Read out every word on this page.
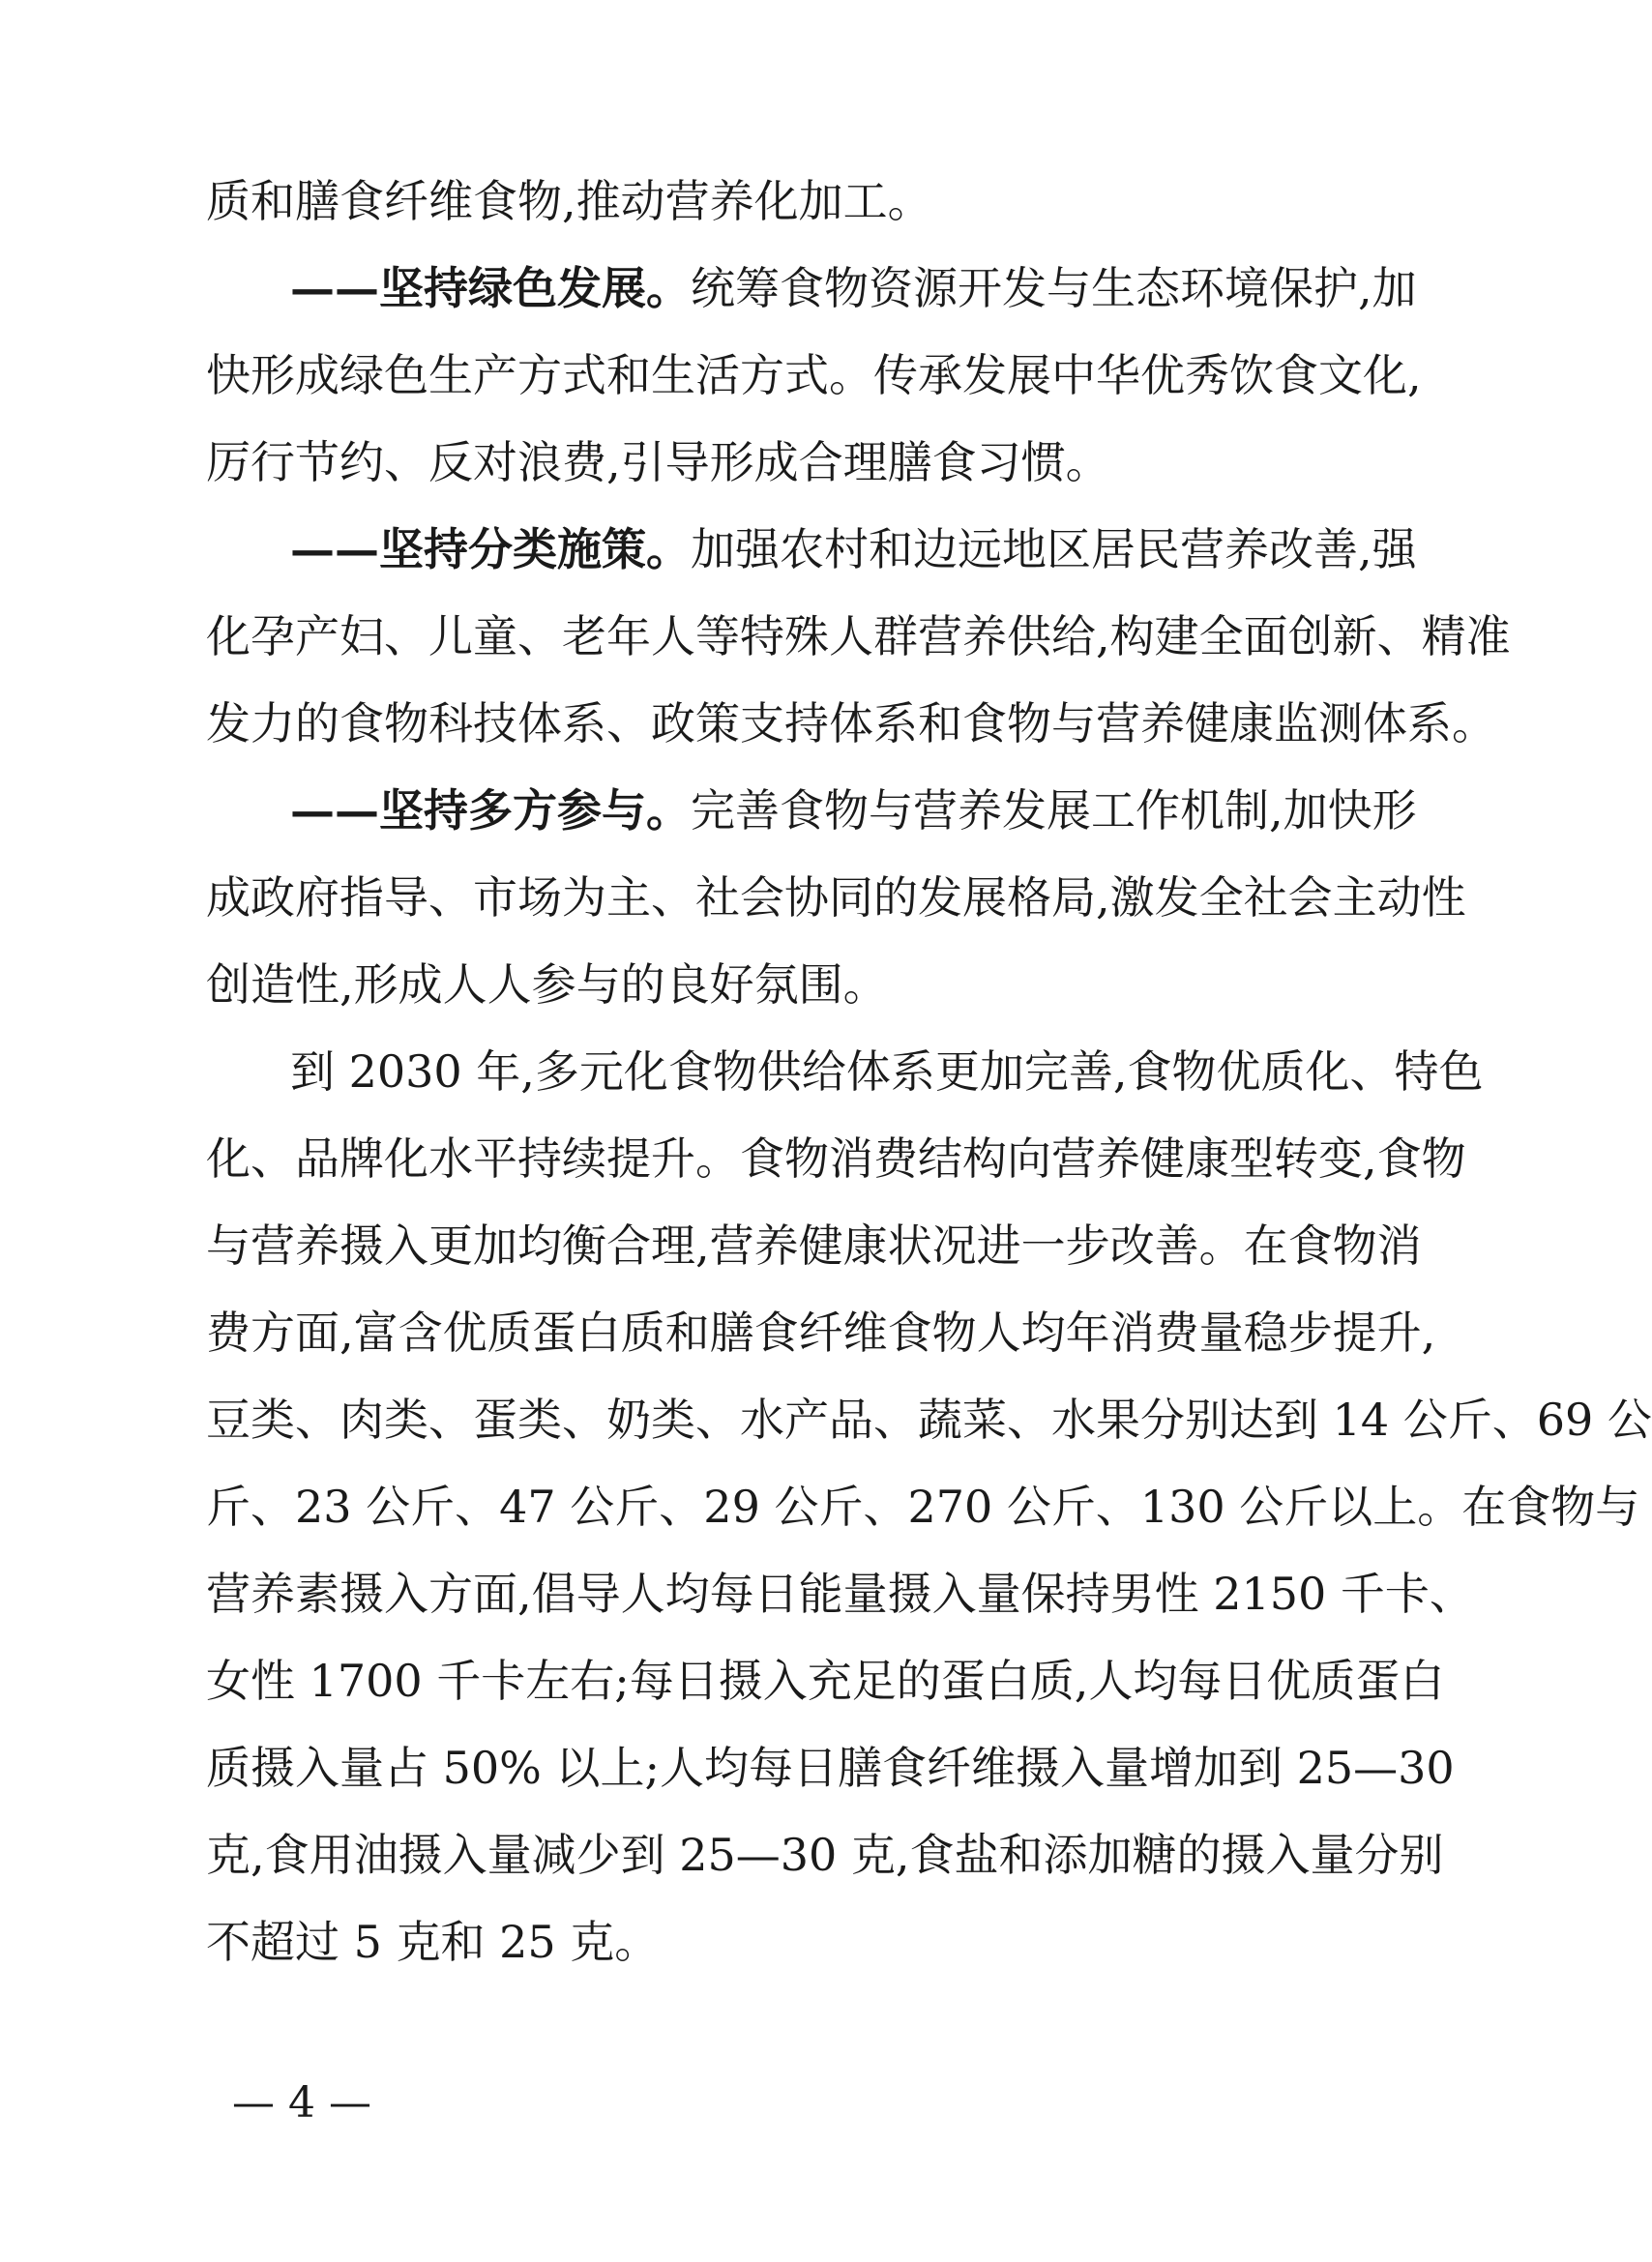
质和膳食纤维食物,推动营养化加工。
——坚持绿色发展。统筹食物资源开发与生态环境保护,加
快形成绿色生产方式和生活方式。传承发展中华优秀饮食文化,
厉行节约、反对浪费,引导形成合理膳食习惯。
——坚持分类施策。加强农村和边远地区居民营养改善,强
化孕产妇、儿童、老年人等特殊人群营养供给,构建全面创新、精准
发力的食物科技体系、政策支持体系和食物与营养健康监测体系。
——坚持多方参与。完善食物与营养发展工作机制,加快形
成政府指导、市场为主、社会协同的发展格局,激发全社会主动性
创造性,形成人人参与的良好氛围。
到 2030 年,多元化食物供给体系更加完善,食物优质化、特色
化、品牌化水平持续提升。食物消费结构向营养健康型转变,食物
与营养摄入更加均衡合理,营养健康状况进一步改善。在食物消
费方面,富含优质蛋白质和膳食纤维食物人均年消费量稳步提升,
豆类、肉类、蛋类、奶类、水产品、蔬菜、水果分别达到 14 公斤、69 公
斤、23 公斤、47 公斤、29 公斤、270 公斤、130 公斤以上。在食物与
营养素摄入方面,倡导人均每日能量摄入量保持男性 2150 千卡、
女性 1700 千卡左右;每日摄入充足的蛋白质,人均每日优质蛋白
质摄入量占 50% 以上;人均每日膳食纤维摄入量增加到 25—30
克,食用油摄入量减少到 25—30 克,食盐和添加糖的摄入量分别
不超过 5 克和 25 克。
— 4 —
